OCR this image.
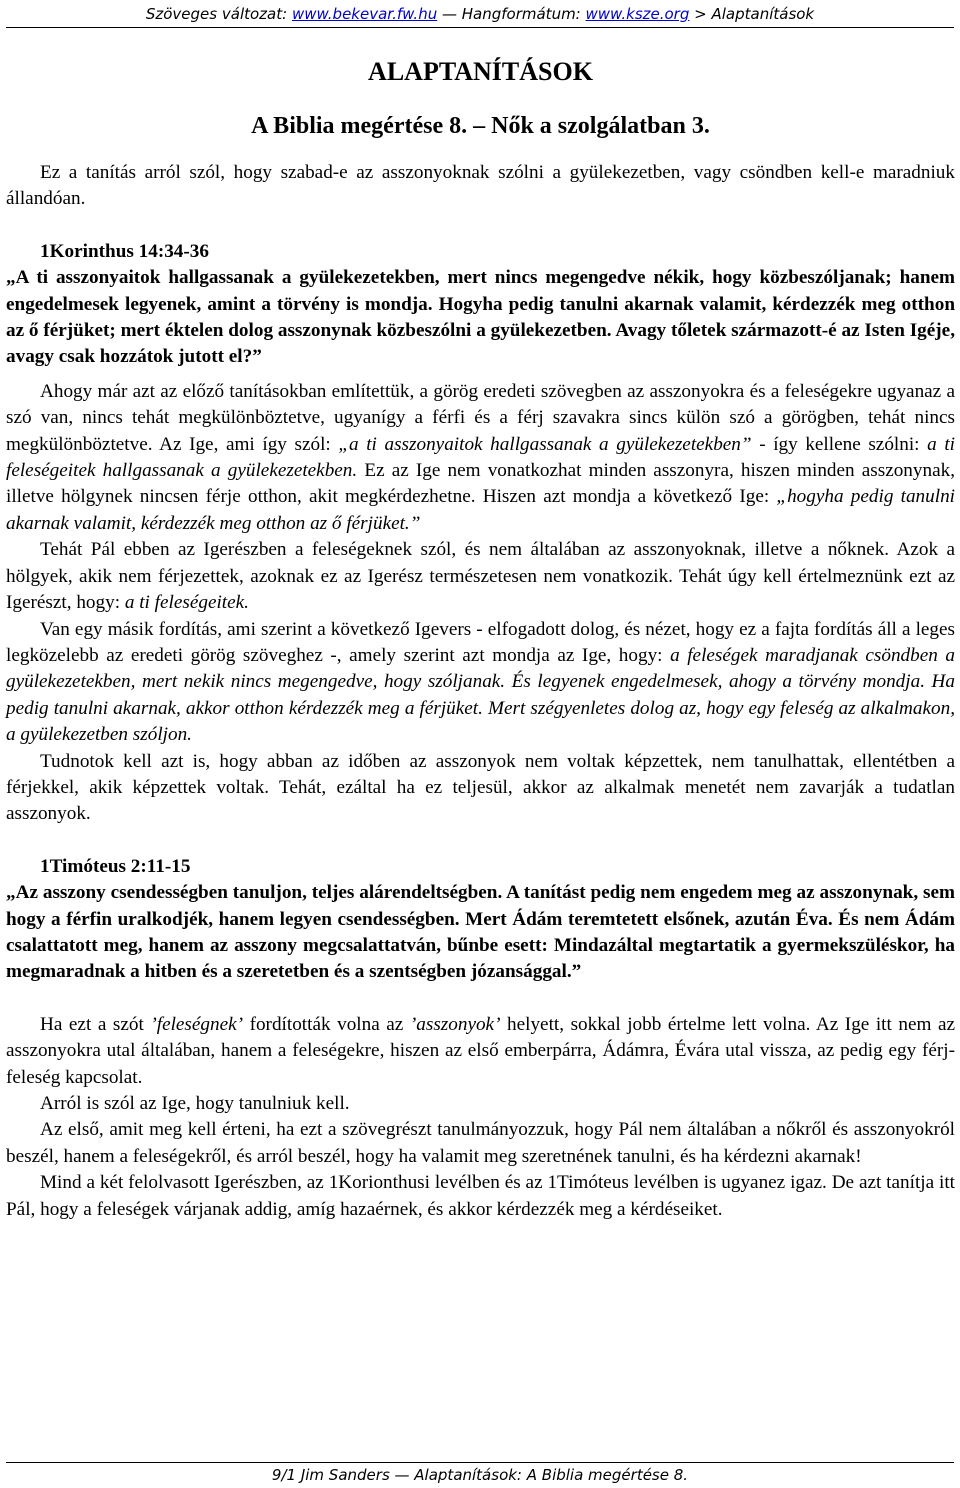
Szöveges változat: www.bekevar.fw.hu — Hangformátum: www.ksze.org > Alaptanítások
ALAPTANÍTÁSOK
A Biblia megértése 8. – Nők a szolgálatban 3.

Ez a tanítás arról szól, hogy szabad-e az asszonyoknak szólni a gyülekezetben, vagy csöndben kell-e maradniuk állandóan.

1Korinthus 14:34-36

„A ti asszonyaitok hallgassanak a gyülekezetekben, mert nincs megengedve nékik, hogy közbeszóljanak; hanem engedelmesek legyenek, amint a törvény is mondja. Hogyha pedig tanulni akarnak valamit, kérdezzék meg otthon az ő férjüket; mert éktelen dolog asszonynak közbeszólni a gyülekezetben. Avagy tőletek származott-é az Isten Igéje, avagy csak hozzátok jutott el?”

Ahogy már azt az előző tanításokban említettük, a görög eredeti szövegben az asszonyokra és a feleségekre ugyanaz a szó van, nincs tehát megkülönböztetve, ugyanígy a férfi és a férj szavakra sincs külön szó a görögben, tehát nincs megkülönböztetve. Az Ige, ami így szól: „a ti asszonyaitok hallgassanak a gyülekezetekben” - így kellene szólni: a ti feleségeitek hallgassanak a gyülekezetekben. Ez az Ige nem vonatkozhat minden asszonyra, hiszen minden asszonynak, illetve hölgynek nincsen férje otthon, akit megkérdezhetne. Hiszen azt mondja a következő Ige: „hogyha pedig tanulni akarnak valamit, kérdezzék meg otthon az ő férjüket.”

Tehát Pál ebben az Igerészben a feleségeknek szól, és nem általában az asszonyoknak, illetve a nőknek. Azok a hölgyek, akik nem férjezettek, azoknak ez az Igerész természetesen nem vonatkozik. Tehát úgy kell értelmeznünk ezt az Igerészt, hogy: a ti feleségeitek.

Van egy másik fordítás, ami szerint a következő Igevers - elfogadott dolog, és nézet, hogy ez a fajta fordítás áll a leges legközelebb az eredeti görög szöveghez -, amely szerint azt mondja az Ige, hogy: a feleségek maradjanak csöndben a gyülekezetekben, mert nekik nincs megengedve, hogy szóljanak. És legyenek engedelmesek, ahogy a törvény mondja. Ha pedig tanulni akarnak, akkor otthon kérdezzék meg a férjüket. Mert szégyenletes dolog az, hogy egy feleség az alkalmakon, a gyülekezetben szóljon.

Tudnotok kell azt is, hogy abban az időben az asszonyok nem voltak képzettek, nem tanulhattak, ellentétben a férjekkel, akik képzettek voltak. Tehát, ezáltal ha ez teljesül, akkor az alkalmak menetét nem zavarják a tudatlan asszonyok.

1Timóteus 2:11-15

„Az asszony csendességben tanuljon, teljes alárendeltségben. A tanítást pedig nem engedem meg az asszonynak, sem hogy a férfin uralkodjék, hanem legyen csendességben. Mert Ádám teremtetett elsőnek, azután Éva. És nem Ádám csalattatott meg, hanem az asszony megcsalattatván, bűnbe esett: Mindazáltal megtartatik a gyermekszüléskor, ha megmaradnak a hitben és a szeretetben és a szentségben józansággal.”

Ha ezt a szót ’feleségnek’ fordították volna az ’asszonyok’ helyett, sokkal jobb értelme lett volna. Az Ige itt nem az asszonyokra utal általában, hanem a feleségekre, hiszen az első emberpárra, Ádámra, Évára utal vissza, az pedig egy férj-feleség kapcsolat.

Arról is szól az Ige, hogy tanulniuk kell.

Az első, amit meg kell érteni, ha ezt a szövegrészt tanulmányozzuk, hogy Pál nem általában a nőkről és asszonyokról beszél, hanem a feleségekről, és arról beszél, hogy ha valamit meg szeretnének tanulni, és ha kérdezni akarnak!

Mind a két felolvasott Igerészben, az 1Korionthusi levélben és az 1Timóteus levélben is ugyanez igaz. De azt tanítja itt Pál, hogy a feleségek várjanak addig, amíg hazaérnek, és akkor kérdezzék meg a kérdéseiket.

9/1 Jim Sanders — Alaptanítások: A Biblia megértése 8.
